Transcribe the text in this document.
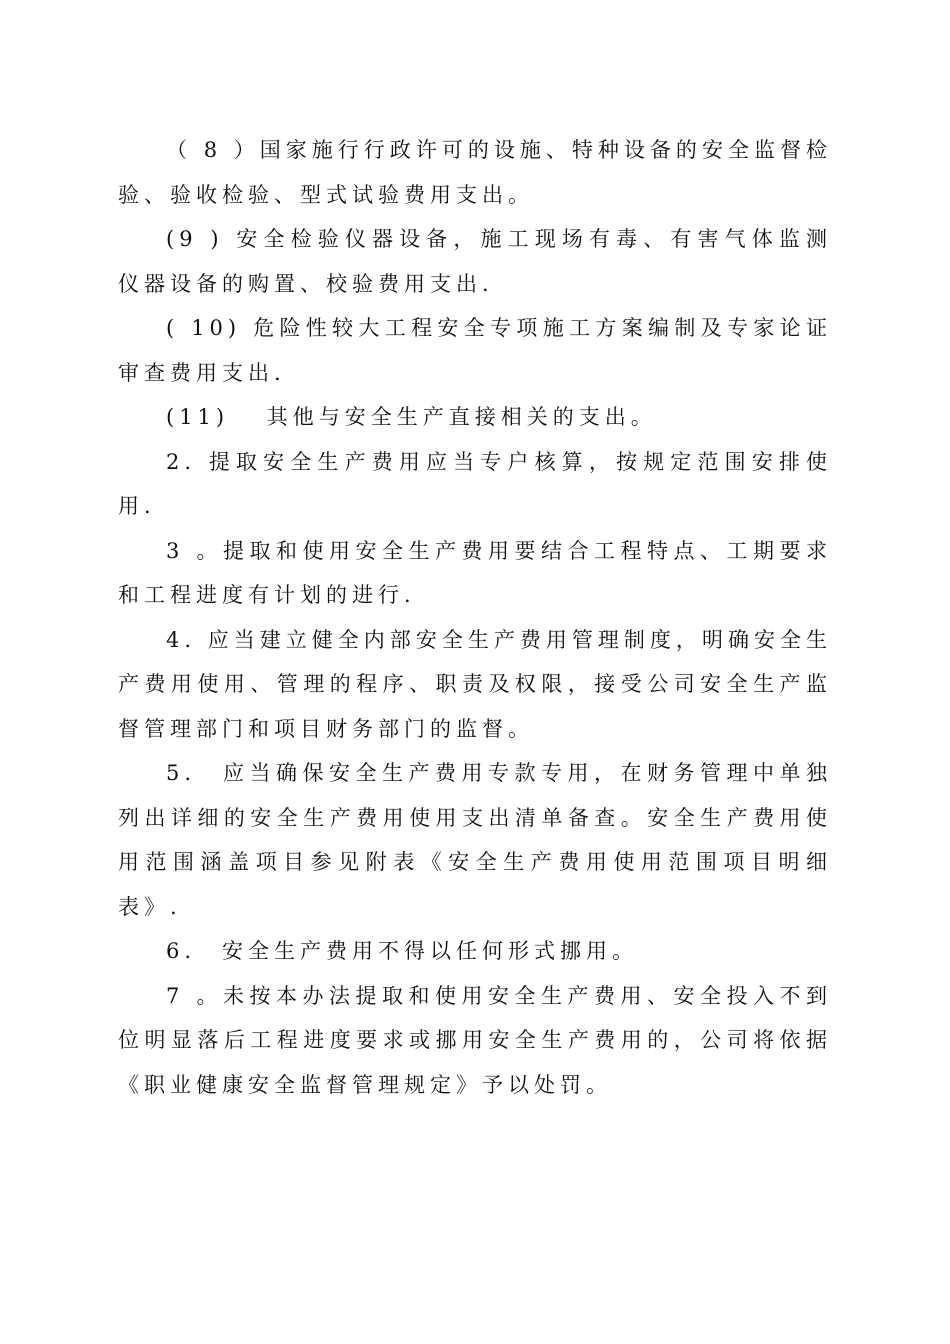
（ 8 ）国家施行行政许可的设施、特种设备的安全监督检验、验收检验、型式试验费用支出。

(9 ) 安全检验仪器设备，施工现场有毒、有害气体监测仪器设备的购置、校验费用支出.

( 10) 危险性较大工程安全专项施工方案编制及专家论证审查费用支出.

(11)　 其他与安全生产直接相关的支出。

2. 提取安全生产费用应当专户核算，按规定范围安排使用.

3 。提取和使用安全生产费用要结合工程特点、工期要求和工程进度有计划的进行.

4. 应当建立健全内部安全生产费用管理制度，明确安全生产费用使用、管理的程序、职责及权限，接受公司安全生产监督管理部门和项目财务部门的监督。

5.　应当确保安全生产费用专款专用，在财务管理中单独列出详细的安全生产费用使用支出清单备查。安全生产费用使用范围涵盖项目参见附表《安全生产费用使用范围项目明细表》.

6.　安全生产费用不得以任何形式挪用。

7 。未按本办法提取和使用安全生产费用、安全投入不到位明显落后工程进度要求或挪用安全生产费用的，公司将依据《职业健康安全监督管理规定》予以处罚。
